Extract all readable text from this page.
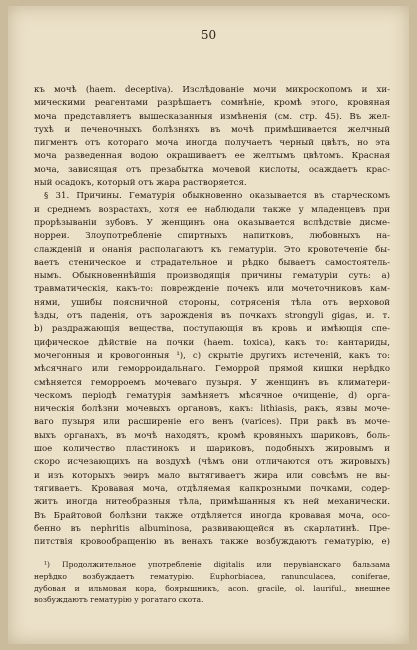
50
къ мочѣ (haem. deceptiva). Изслѣдованіе мочи микроскопомъ и хи-
мическими реагентами разрѣшаетъ сомнѣніе, кромѣ этого, кровяная
моча представляетъ вышесказанныя измѣненія (см. стр. 45). Въ жел-
тухѣ и печеночныхъ болѣзняхъ въ мочѣ примѣшивается желчный
пигментъ отъ котораго моча иногда получаетъ черный цвѣтъ, но эта
моча разведенная водою окрашиваетъ ее желтымъ цвѣтомъ. Красная
моча, зависящая отъ презабытка мочевой кислоты, осаждаетъ крас-
ный осадокъ, который отъ жара растворяется.
§ 31. Причины. Гематурія обыкновенно оказывается въ старческомъ
и среднемъ возрастахъ, хотя ее наблюдали также у младенцевъ при
прорѣзываніи зубовъ. У женщинъ она оказывается вслѣдствіе дисме-
норреи. Злоупотребленіе спиртныхъ напитковъ, любовныхъ на-
слажденій и онанія располагаютъ къ гематуріи. Это кровотеченіе бы-
ваетъ стеническое и страдательное и рѣдко бываетъ самостоятель-
нымъ. Обыкновеннѣйшія производящія причины гематуріи суть: а)
травматическія, какъ-то: поврежденіе почекъ или мочеточниковъ кам-
нями, ушибы поясничной стороны, сотрясенія тѣла отъ верховой
ѣзды, отъ паденія, отъ зарожденія въ почкахъ strongyli gigas, и. т.
b) раздражающія вещества, поступающія въ кровь и имѣющія спе-
цифическое дѣйствіе на почки (haem. toxica), какъ то: кантариды,
мочегонныя и кровогонныя ¹), с) скрытіе другихъ истеченій, какъ то:
мѣсячнаго или геморроидальнаго. Геморрой прямой кишки нерѣдко
смѣняется геморроемъ мочеваго пузыря. У женщинъ въ климатери-
ческомъ періодѣ гематурія замѣняетъ мѣсячное очищеніе, d) орга-
ническія болѣзни мочевыхъ органовъ, какъ: lithiasis, ракъ, язвы моче-
ваго пузыря или расширеніе его венъ (varices). При ракѣ въ моче-
выхъ органахъ, въ мочѣ находятъ, кромѣ кровяныхъ шариковъ, боль-
шое количество пластинокъ и шариковъ, подобныхъ жировымъ и
скоро исчезающихъ на воздухѣ (чѣмъ они отличаются отъ жировыхъ)
и изъ которыхъ эѳиръ мало вытягиваетъ жира или совсѣмъ не вы-
тягиваетъ. Кровавая моча, отдѣляемая капкрозными почками, содер-
житъ иногда нитеобразныя тѣла, примѣшанныя къ ней механически.
Въ Брайтовой болѣзни также отдѣляется иногда кровавая моча, осо-
бенно въ nephritis albuminosa, развивающейся въ скарлатинѣ. Пре-
питствія кровообращенію въ венахъ также возбуждаютъ гематурію, е)
¹) Продолжительное употребленіе digitalis или перувіанскаго бальзама
нерѣдко возбуждаетъ гематурію. Euphorbiacea, ranunculacea, coniferae,
дубовая и ильмовая кора, боярышникъ, acon. gracile, ol. lauriful., внешнее
возбуждаютъ гематурію у рогатаго скота.
